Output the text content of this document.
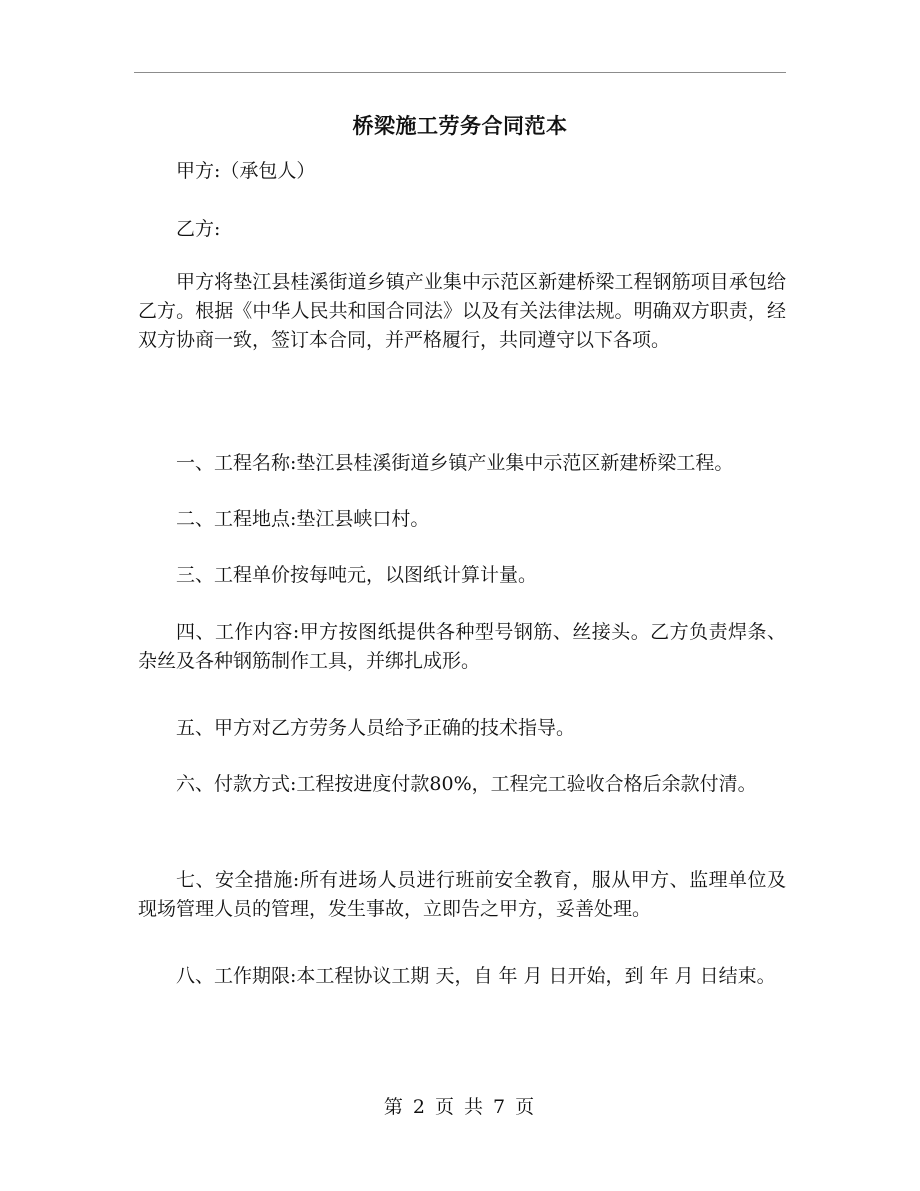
桥梁施工劳务合同范本

甲方:（承包人）

乙方:

甲方将垫江县桂溪街道乡镇产业集中示范区新建桥梁工程钢筋项目承包给乙方。根据《中华人民共和国合同法》以及有关法律法规。明确双方职责，经双方协商一致，签订本合同，并严格履行，共同遵守以下各项。

一、工程名称:垫江县桂溪街道乡镇产业集中示范区新建桥梁工程。

二、工程地点:垫江县峡口村。

三、工程单价按每吨元，以图纸计算计量。

四、工作内容:甲方按图纸提供各种型号钢筋、丝接头。乙方负责焊条、杂丝及各种钢筋制作工具，并绑扎成形。

五、甲方对乙方劳务人员给予正确的技术指导。

六、付款方式:工程按进度付款80%，工程完工验收合格后余款付清。

七、安全措施:所有进场人员进行班前安全教育，服从甲方、监理单位及现场管理人员的管理，发生事故，立即告之甲方，妥善处理。

八、工作期限:本工程协议工期 天，自 年 月 日开始，到 年 月 日结束。

第 2 页 共 7 页
